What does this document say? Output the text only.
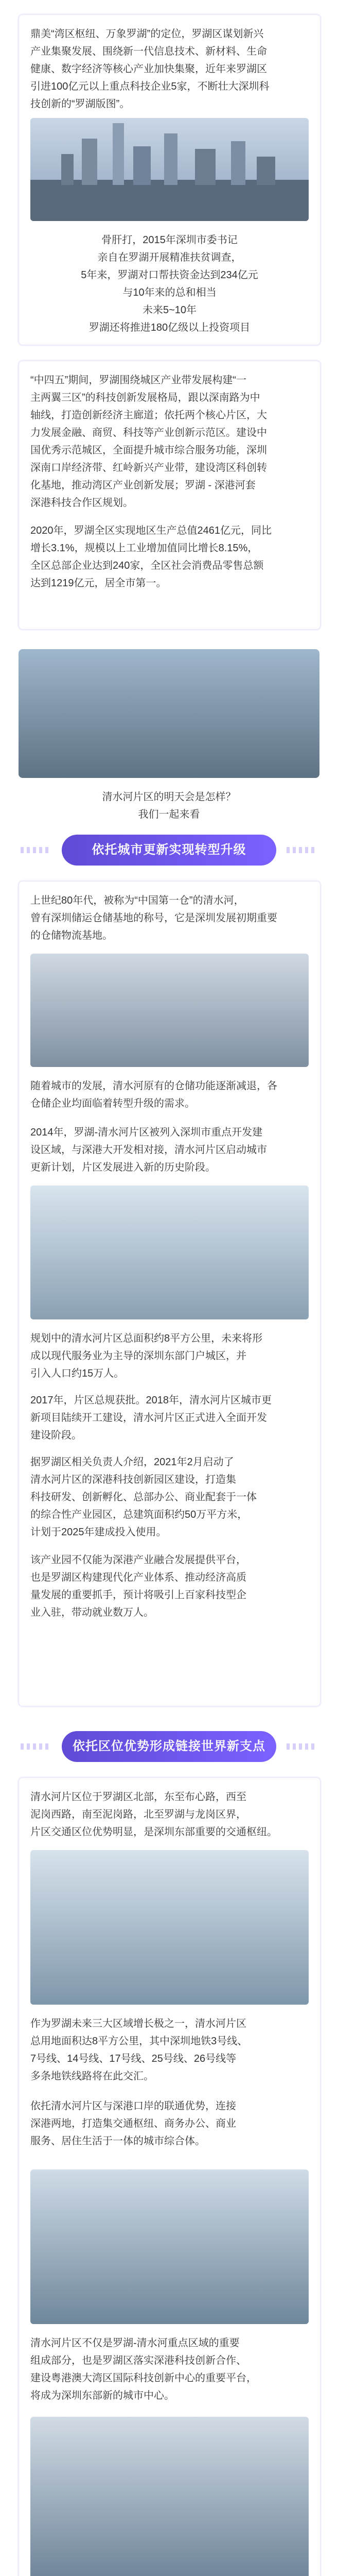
鼎美“湾区枢纽、万象罗湖”的定位，罗湖区谋划新兴
产业集聚发展、围绕新一代信息技术、新材料、生命
健康、数字经济等核心产业加快集聚，近年来罗湖区
引进100亿元以上重点科技企业5家，不断壮大深圳科
技创新的“罗湖版图”。
骨肝打，2015年深圳市委书记
亲自在罗湖开展精准扶贫调查，
5年来，罗湖对口帮扶资金达到234亿元
与10年来的总和相当
未来5~10年
罗湖还将推进180亿级以上投资项目
“中四五”期间，罗湖围绕城区产业带发展构建“一
主两翼三区”的科技创新发展格局，跟以深南路为中
轴线，打造创新经济主廊道；依托两个核心片区，大
力发展金融、商贸、科技等产业创新示范区。建设中
国优秀示范城区，全面提升城市综合服务功能，深圳
深南口岸经济带、红岭新兴产业带，建设湾区科创转
化基地，推动湾区产业创新发展；罗湖 - 深港河套
深港科技合作区规划。
2020年，罗湖全区实现地区生产总值2461亿元，同比
增长3.1%，规模以上工业增加值同比增长8.15%，
全区总部企业达到240家，全区社会消费品零售总额
达到1219亿元，居全市第一。
清水河片区的明天会是怎样？
我们一起来看
依托城市更新实现转型升级
上世纪80年代，被称为“中国第一仓”的清水河，
曾有深圳储运仓储基地的称号，它是深圳发展初期重要
的仓储物流基地。
随着城市的发展，清水河原有的仓储功能逐渐减退，各
仓储企业均面临着转型升级的需求。
2014年，罗湖-清水河片区被列入深圳市重点开发建
设区域，与深港大开发相对接，清水河片区启动城市
更新计划，片区发展进入新的历史阶段。
规划中的清水河片区总面积约8平方公里，未来将形
成以现代服务业为主导的深圳东部门户城区，并
引入人口约15万人。
2017年，片区总规获批。2018年，清水河片区城市更
新项目陆续开工建设，清水河片区正式进入全面开发
建设阶段。
据罗湖区相关负责人介绍，2021年2月启动了
清水河片区的深港科技创新园区建设，打造集
科技研发、创新孵化、总部办公、商业配套于一体
的综合性产业园区，总建筑面积约50万平方米，
计划于2025年建成投入使用。
该产业园不仅能为深港产业融合发展提供平台，
也是罗湖区构建现代化产业体系、推动经济高质
量发展的重要抓手，预计将吸引上百家科技型企
业入驻，带动就业数万人。
依托区位优势形成链接世界新支点
清水河片区位于罗湖区北部，东至布心路，西至
泥岗西路，南至泥岗路，北至罗湖与龙岗区界，
片区交通区位优势明显，是深圳东部重要的交通枢纽。
作为罗湖未来三大区域增长极之一，清水河片区
总用地面积达8平方公里，其中深圳地铁3号线、
7号线、14号线、17号线、25号线、26号线等
多条地铁线路将在此交汇。
依托清水河片区与深港口岸的联通优势，连接
深港两地，打造集交通枢纽、商务办公、商业
服务、居住生活于一体的城市综合体。
清水河片区不仅是罗湖-清水河重点区域的重要
组成部分，也是罗湖区落实深港科技创新合作、
建设粤港澳大湾区国际科技创新中心的重要平台，
将成为深圳东部新的城市中心。
